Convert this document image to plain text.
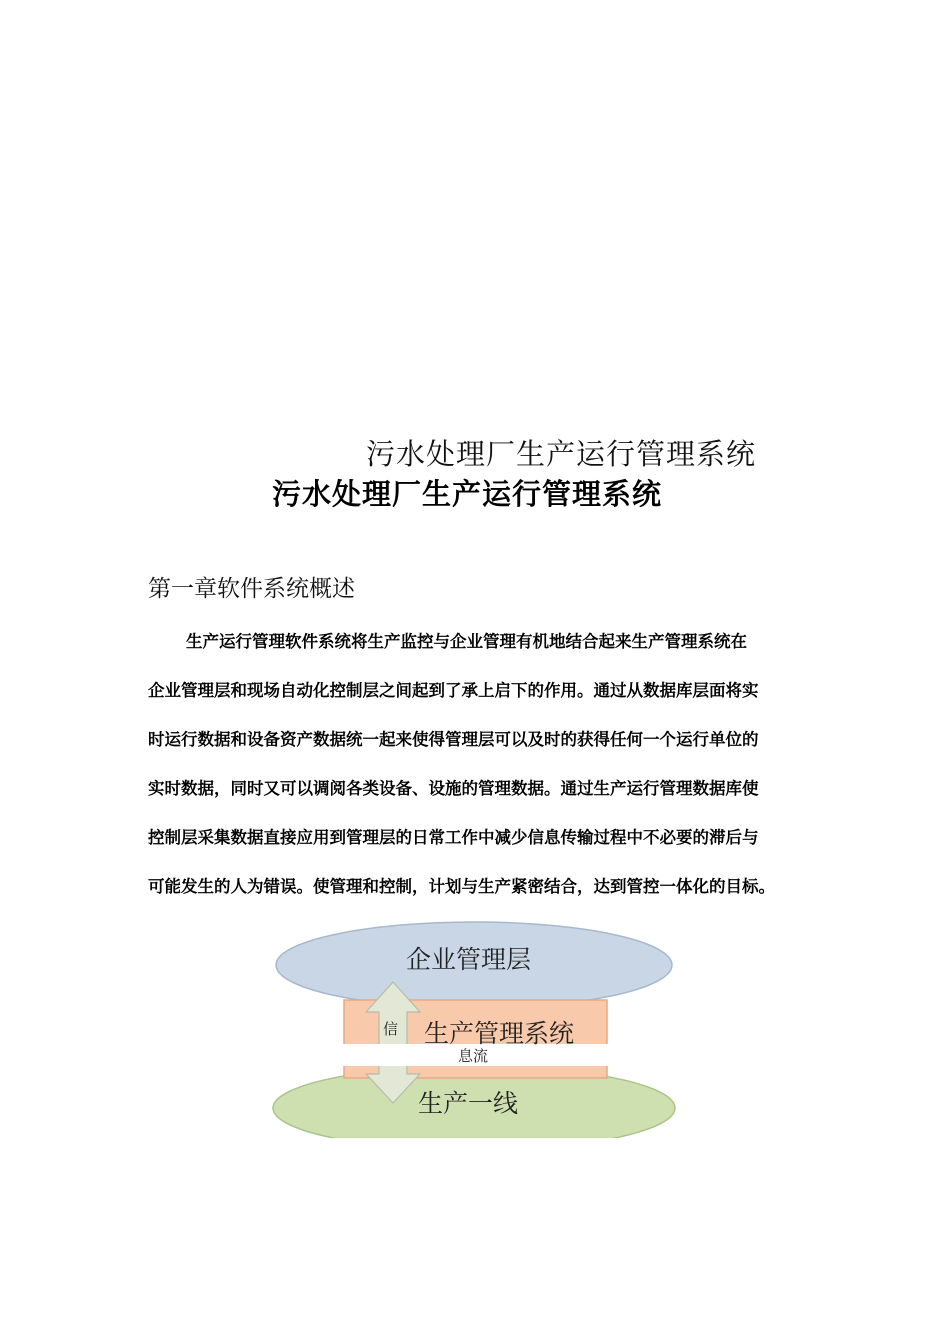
污水处理厂生产运行管理系统
污水处理厂生产运行管理系统
第一章软件系统概述
生产运行管理软件系统将生产监控与企业管理有机地结合起来生产管理系统在
企业管理层和现场自动化控制层之间起到了承上启下的作用。通过从数据库层面将实
时运行数据和设备资产数据统一起来使得管理层可以及时的获得任何一个运行单位的
实时数据，同时又可以调阅各类设备、设施的管理数据。通过生产运行管理数据库使
控制层采集数据直接应用到管理层的日常工作中减少信息传输过程中不必要的滞后与
可能发生的人为错误。使管理和控制，计划与生产紧密结合，达到管控一体化的目标。
企业管理层
生产管理系统
生产一线
信
息流
